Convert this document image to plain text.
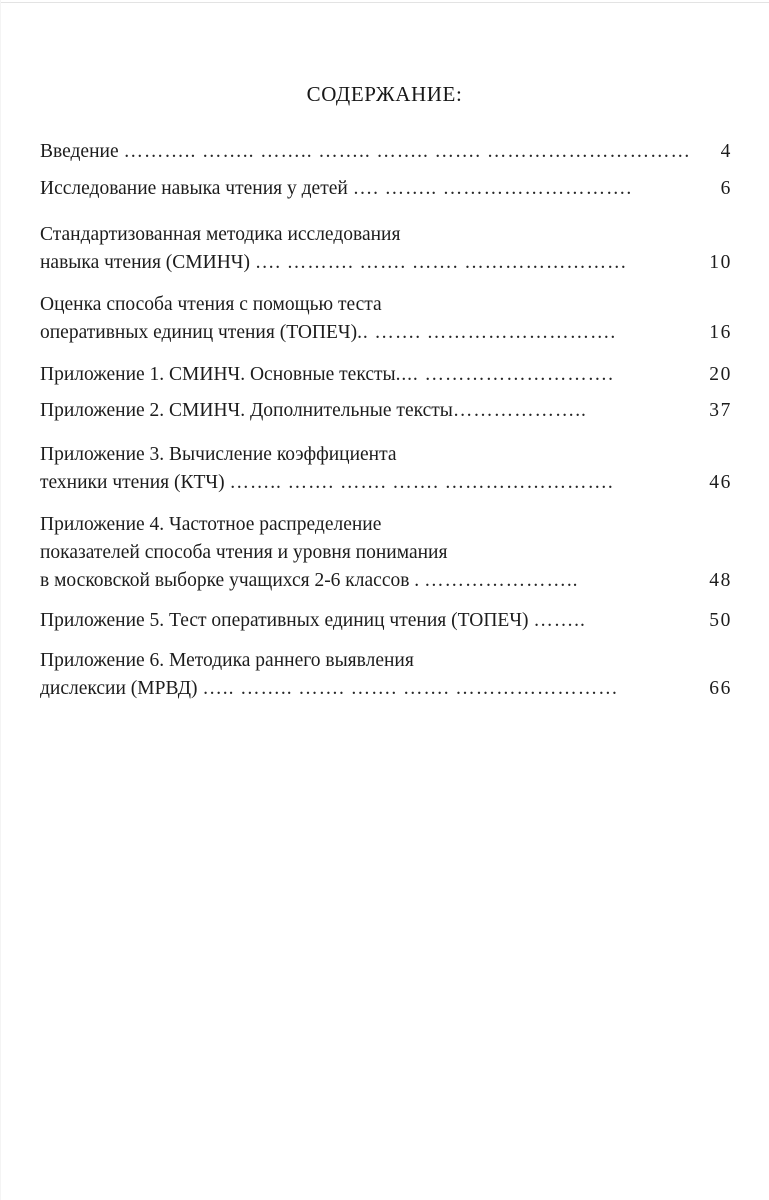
СОДЕРЖАНИЕ:
Введение ……….. …….. …….. …….. …….. ……. ………………………… 4
Исследование навыка чтения у детей …. …….. ……………………….	6
Стандартизованная методика исследования
навыка чтения (СМИНЧ) …. ………. ……. ……. ……………………	10
Оценка способа чтения с помощью теста
оперативных единиц чтения (ТОПЕЧ).. ……. ……………………….	16
Приложение 1. СМИНЧ. Основные тексты.... ……………………….	20
Приложение 2. СМИНЧ. Дополнительные тексты………………..	37
Приложение 3. Вычисление коэффициента
техники чтения (КТЧ) …….. ……. ……. ……. …………………….	46
Приложение 4. Частотное распределение
показателей способа чтения и уровня понимания
в московской выборке учащихся 2-6 классов . …………………..	48
Приложение 5. Тест оперативных единиц чтения (ТОПЕЧ) ……..	50
Приложение 6. Методика раннего выявления
дислексии (МРВД) ….. …….. ……. ……. ……. ……………………	66
